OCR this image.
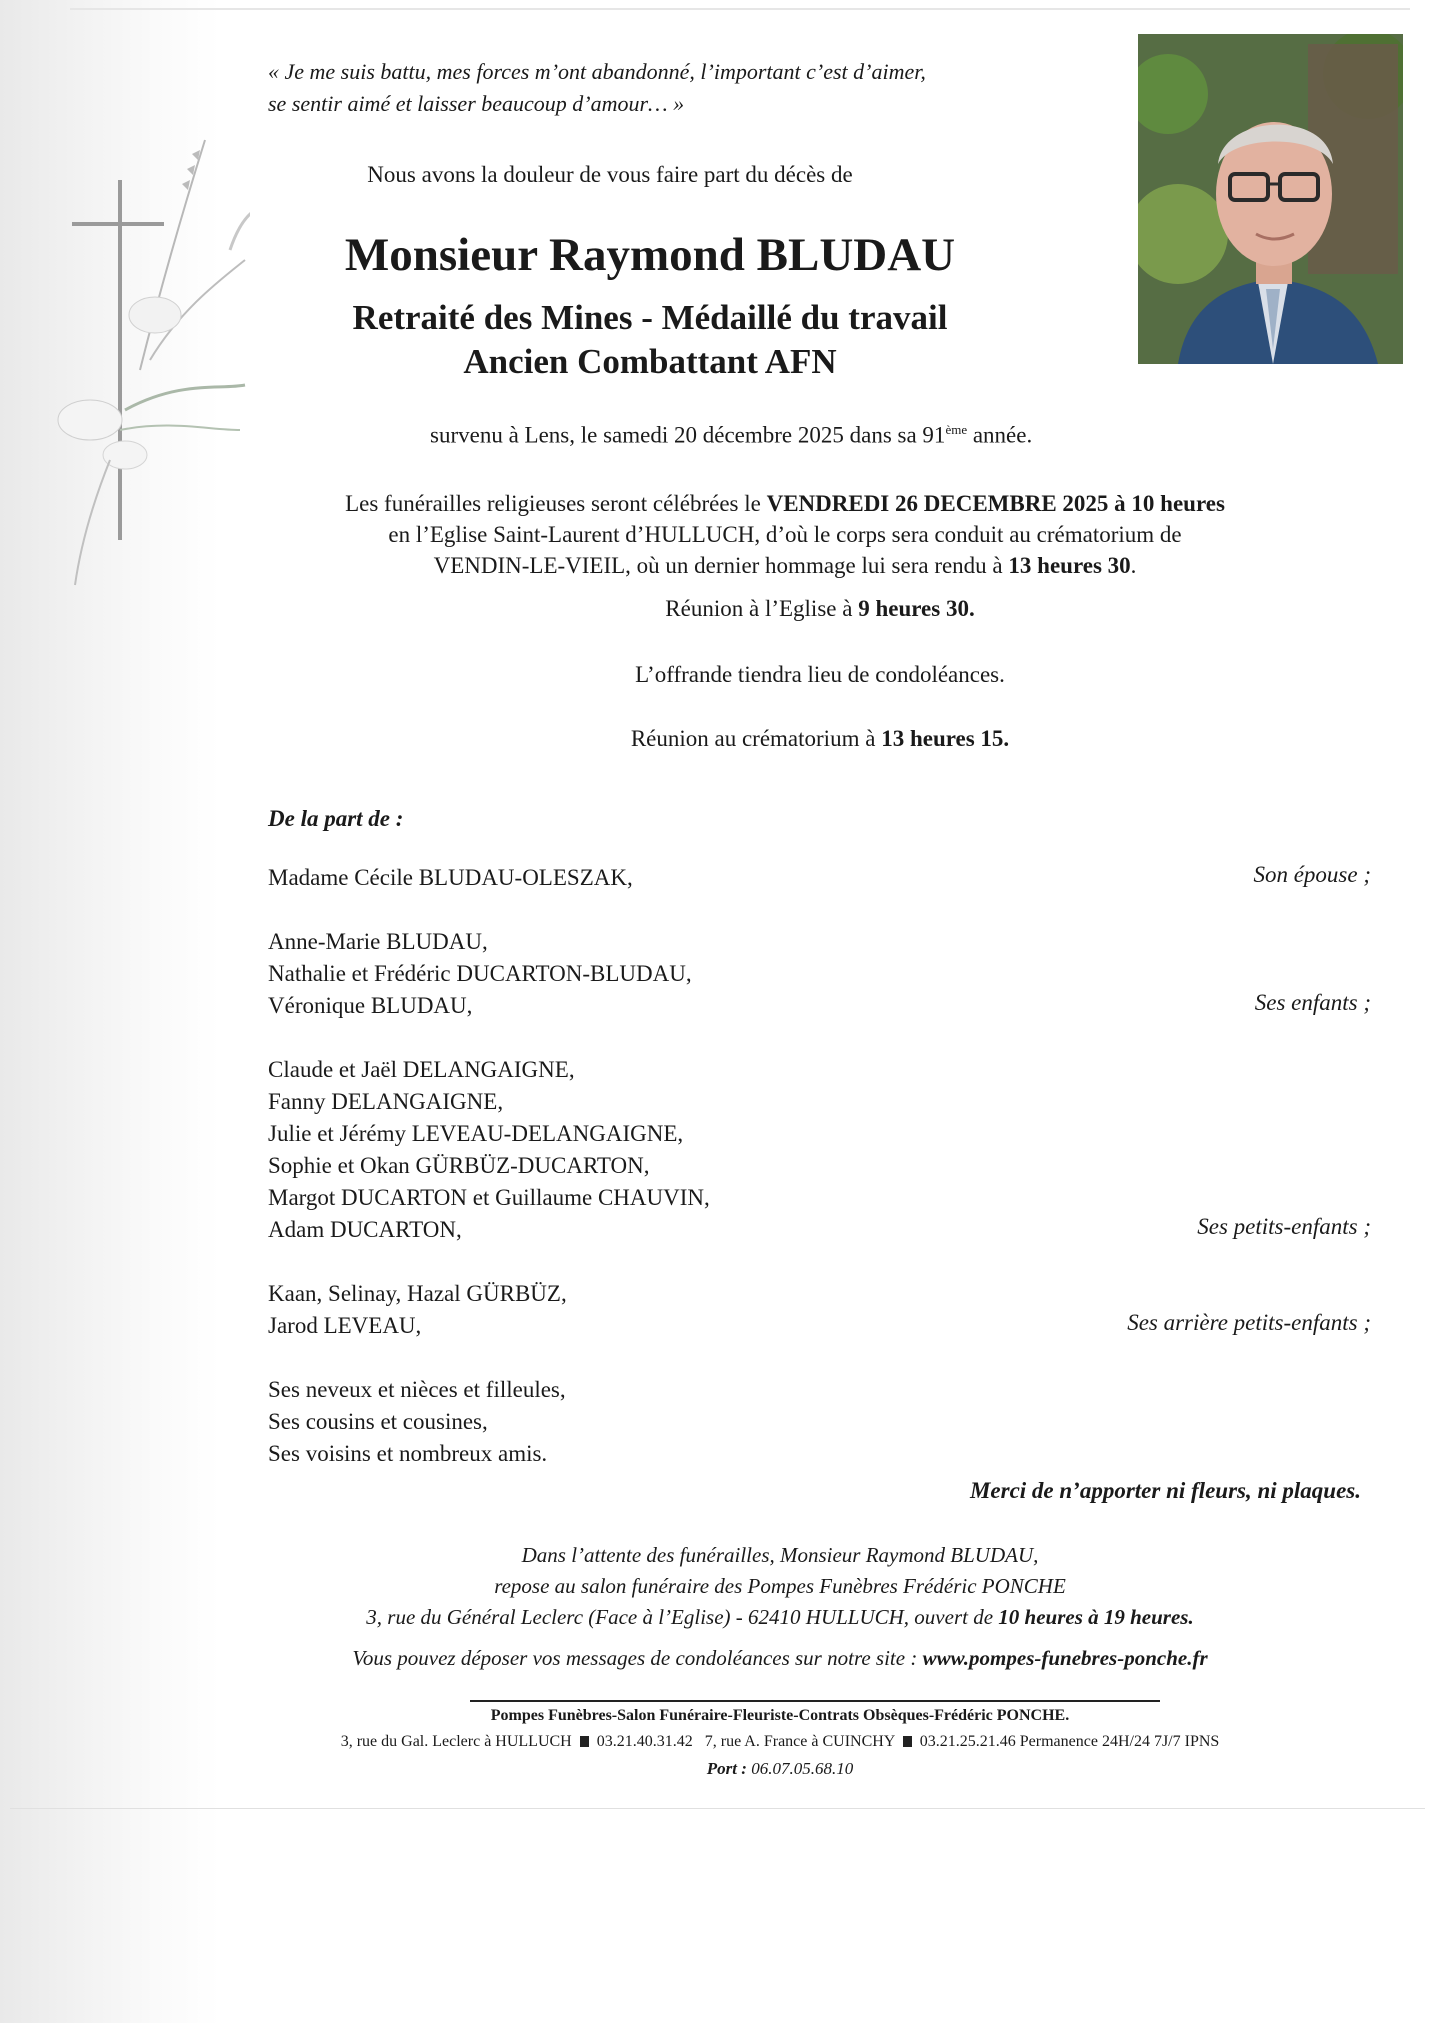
« Je me suis battu, mes forces m’ont abandonné, l’important c’est d’aimer,
se sentir aimé et laisser beaucoup d’amour… »
Nous avons la douleur de vous faire part du décès de
Monsieur Raymond BLUDAU
Retraité des Mines - Médaillé du travail
Ancien Combattant AFN
survenu à Lens, le samedi 20 décembre 2025 dans sa 91ème année.
Les funérailles religieuses seront célébrées le VENDREDI 26 DECEMBRE 2025 à 10 heures
en l’Eglise Saint-Laurent d’HULLUCH, d’où le corps sera conduit au crématorium de
VENDIN-LE-VIEIL, où un dernier hommage lui sera rendu à 13 heures 30.
Réunion à l’Eglise à 9 heures 30.
L’offrande tiendra lieu de condoléances.
Réunion au crématorium à 13 heures 15.
De la part de :
Madame Cécile BLUDAU-OLESZAK,	Son épouse ;
Anne-Marie BLUDAU,
Nathalie et Frédéric DUCARTON-BLUDAU,
Véronique BLUDAU,	Ses enfants ;
Claude et Jaël DELANGAIGNE,
Fanny DELANGAIGNE,
Julie et Jérémy LEVEAU-DELANGAIGNE,
Sophie et Okan GÜRBÜZ-DUCARTON,
Margot DUCARTON et Guillaume CHAUVIN,
Adam DUCARTON,	Ses petits-enfants ;
Kaan, Selinay, Hazal GÜRBÜZ,
Jarod LEVEAU,	Ses arrière petits-enfants ;
Ses neveux et nièces et filleules,
Ses cousins et cousines,
Ses voisins et nombreux amis.
Merci de n’apporter ni fleurs, ni plaques.
Dans l’attente des funérailles, Monsieur Raymond BLUDAU,
repose au salon funéraire des Pompes Funèbres Frédéric PONCHE
3, rue du Général Leclerc (Face à l’Eglise) - 62410 HULLUCH, ouvert de 10 heures à 19 heures.
Vous pouvez déposer vos messages de condoléances sur notre site : www.pompes-funebres-ponche.fr
Pompes Funèbres-Salon Funéraire-Fleuriste-Contrats Obsèques-Frédéric PONCHE.
3, rue du Gal. Leclerc à HULLUCH 03.21.40.31.42 7, rue A. France à CUINCHY 03.21.25.21.46 Permanence 24H/24 7J/7 IPNS
Port : 06.07.05.68.10
